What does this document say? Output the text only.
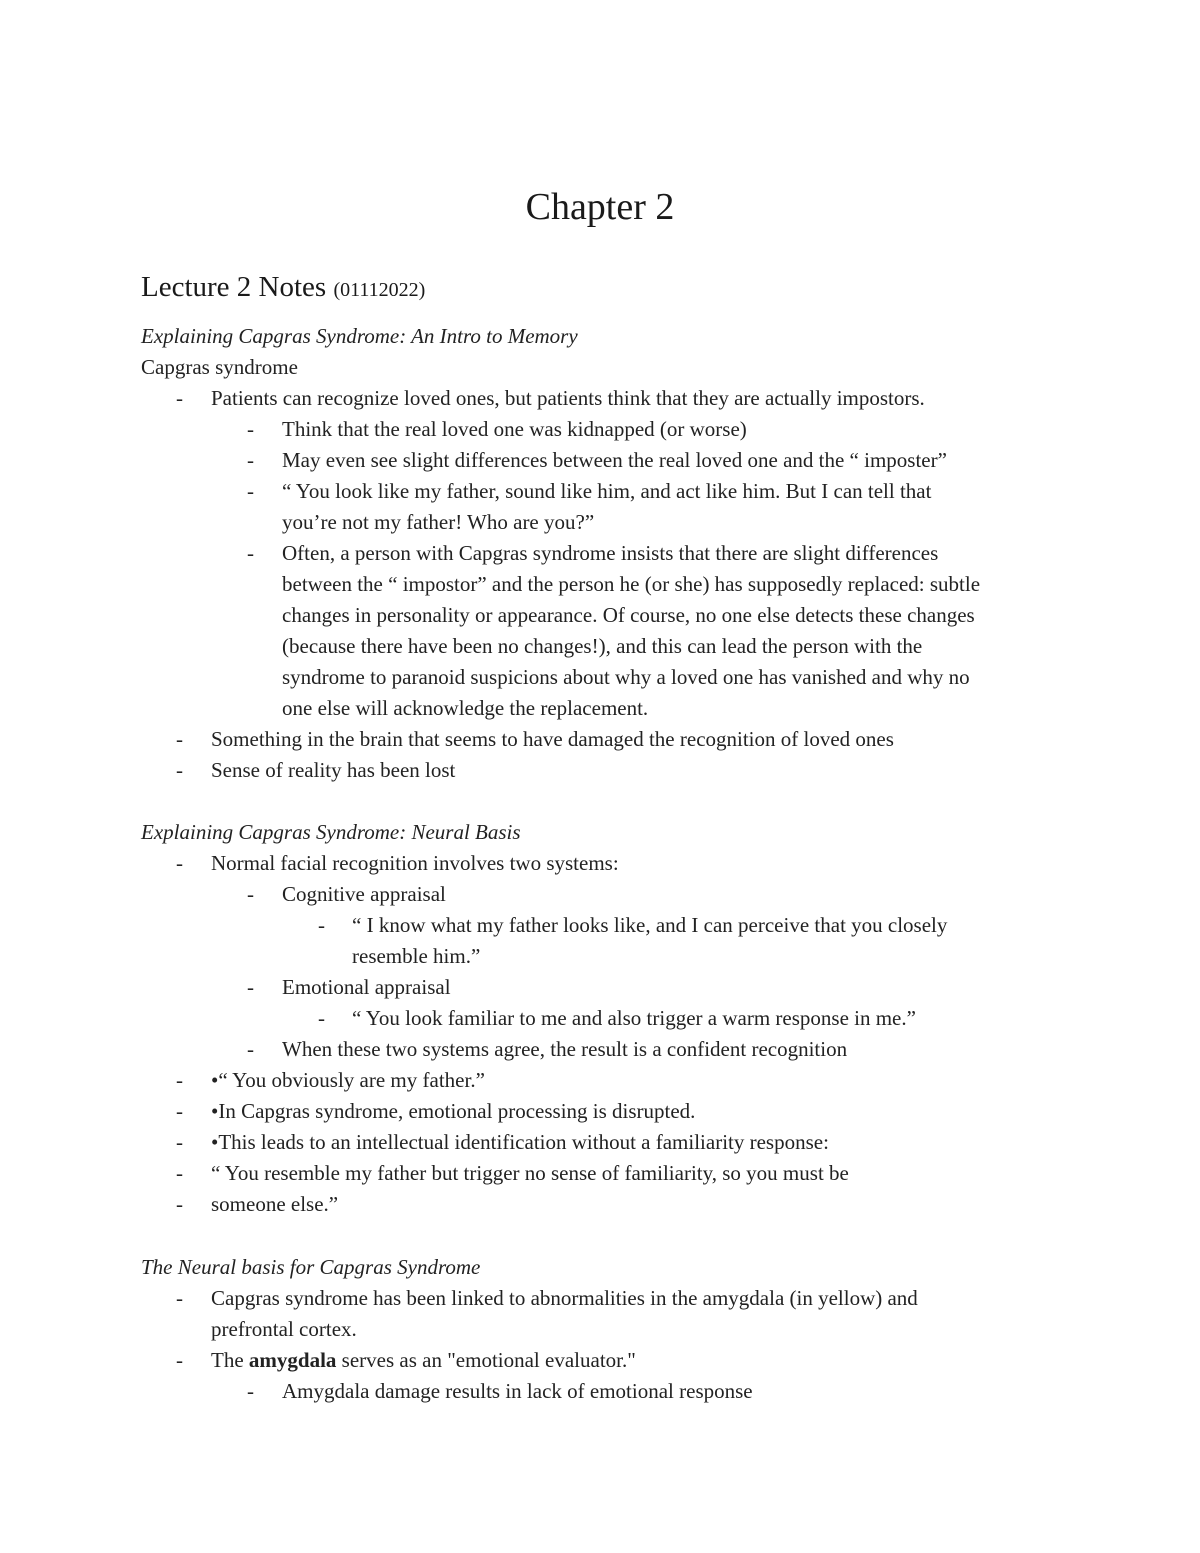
Chapter 2
Lecture 2 Notes (01112022)
Explaining Capgras Syndrome: An Intro to Memory
Capgras syndrome
- Patients can recognize loved ones, but patients think that they are actually impostors.
- Think that the real loved one was kidnapped (or worse)
- May even see slight differences between the real loved one and the “ imposter”
- “ You look like my father, sound like him, and act like him. But I can tell that
you’re not my father! Who are you?”
- Often, a person with Capgras syndrome insists that there are slight differences
between the “ impostor” and the person he (or she) has supposedly replaced: subtle
changes in personality or appearance. Of course, no one else detects these changes
(because there have been no changes!), and this can lead the person with the
syndrome to paranoid suspicions about why a loved one has vanished and why no
one else will acknowledge the replacement.
- Something in the brain that seems to have damaged the recognition of loved ones
- Sense of reality has been lost
Explaining Capgras Syndrome: Neural Basis
- Normal facial recognition involves two systems:
- Cognitive appraisal
- “ I know what my father looks like, and I can perceive that you closely
resemble him.”
- Emotional appraisal
- “ You look familiar to me and also trigger a warm response in me.”
- When these two systems agree, the result is a confident recognition
- •“ You obviously are my father.”
- •In Capgras syndrome, emotional processing is disrupted.
- •This leads to an intellectual identification without a familiarity response:
- “ You resemble my father but trigger no sense of familiarity, so you must be
- someone else.”
The Neural basis for Capgras Syndrome
- Capgras syndrome has been linked to abnormalities in the amygdala (in yellow) and
prefrontal cortex.
- The amygdala serves as an "emotional evaluator."
- Amygdala damage results in lack of emotional response
